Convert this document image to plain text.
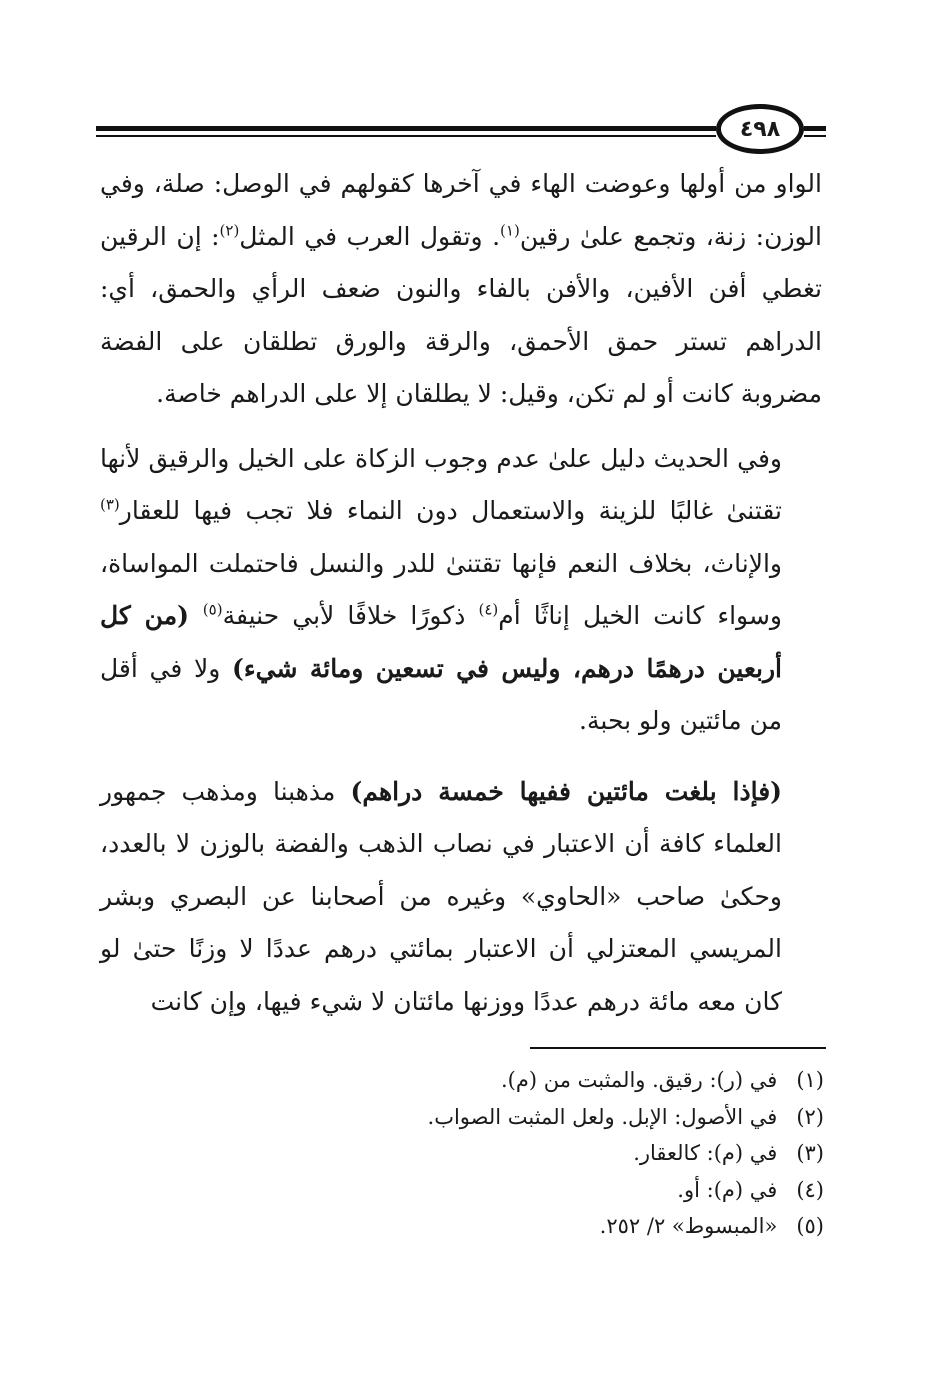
٤٩٨

الواو من أولها وعوضت الهاء في آخرها كقولهم في الوصل: صلة، وفي الوزن: زنة، وتجمع علىٰ رقين$^{(١)}$. وتقول العرب في المثل$^{(٢)}$: إن الرقين تغطي أفن الأفين، والأفن بالفاء والنون ضعف الرأي والحمق، أي: الدراهم تستر حمق الأحمق، والرقة والورق تطلقان على الفضة مضروبة كانت أو لم تكن، وقيل: لا يطلقان إلا على الدراهم خاصة.

وفي الحديث دليل علىٰ عدم وجوب الزكاة على الخيل والرقيق لأنها تقتنىٰ غالبًا للزينة والاستعمال دون النماء فلا تجب فيها للعقار$^{(٣)}$ والإناث، بخلاف النعم فإنها تقتنىٰ للدر والنسل فاحتملت المواساة، وسواء كانت الخيل إناثًا أم$^{(٤)}$ ذكورًا خلافًا لأبي حنيفة$^{(٥)}$ (من كل أربعين درهمًا درهم، وليس في تسعين ومائة شيء) ولا في أقل من مائتين ولو بحبة.

(فإذا بلغت مائتين ففيها خمسة دراهم) مذهبنا ومذهب جمهور العلماء كافة أن الاعتبار في نصاب الذهب والفضة بالوزن لا بالعدد، وحكىٰ صاحب «الحاوي» وغيره من أصحابنا عن البصري وبشر المريسي المعتزلي أن الاعتبار بمائتي درهم عددًا لا وزنًا حتىٰ لو كان معه مائة درهم عددًا ووزنها مائتان لا شيء فيها، وإن كانت

(١) في (ر): رقيق. والمثبت من (م).
(٢) في الأصول: الإبل. ولعل المثبت الصواب.
(٣) في (م): كالعقار.
(٤) في (م): أو.
(٥) «المبسوط» ٢/ ٢٥٢.
